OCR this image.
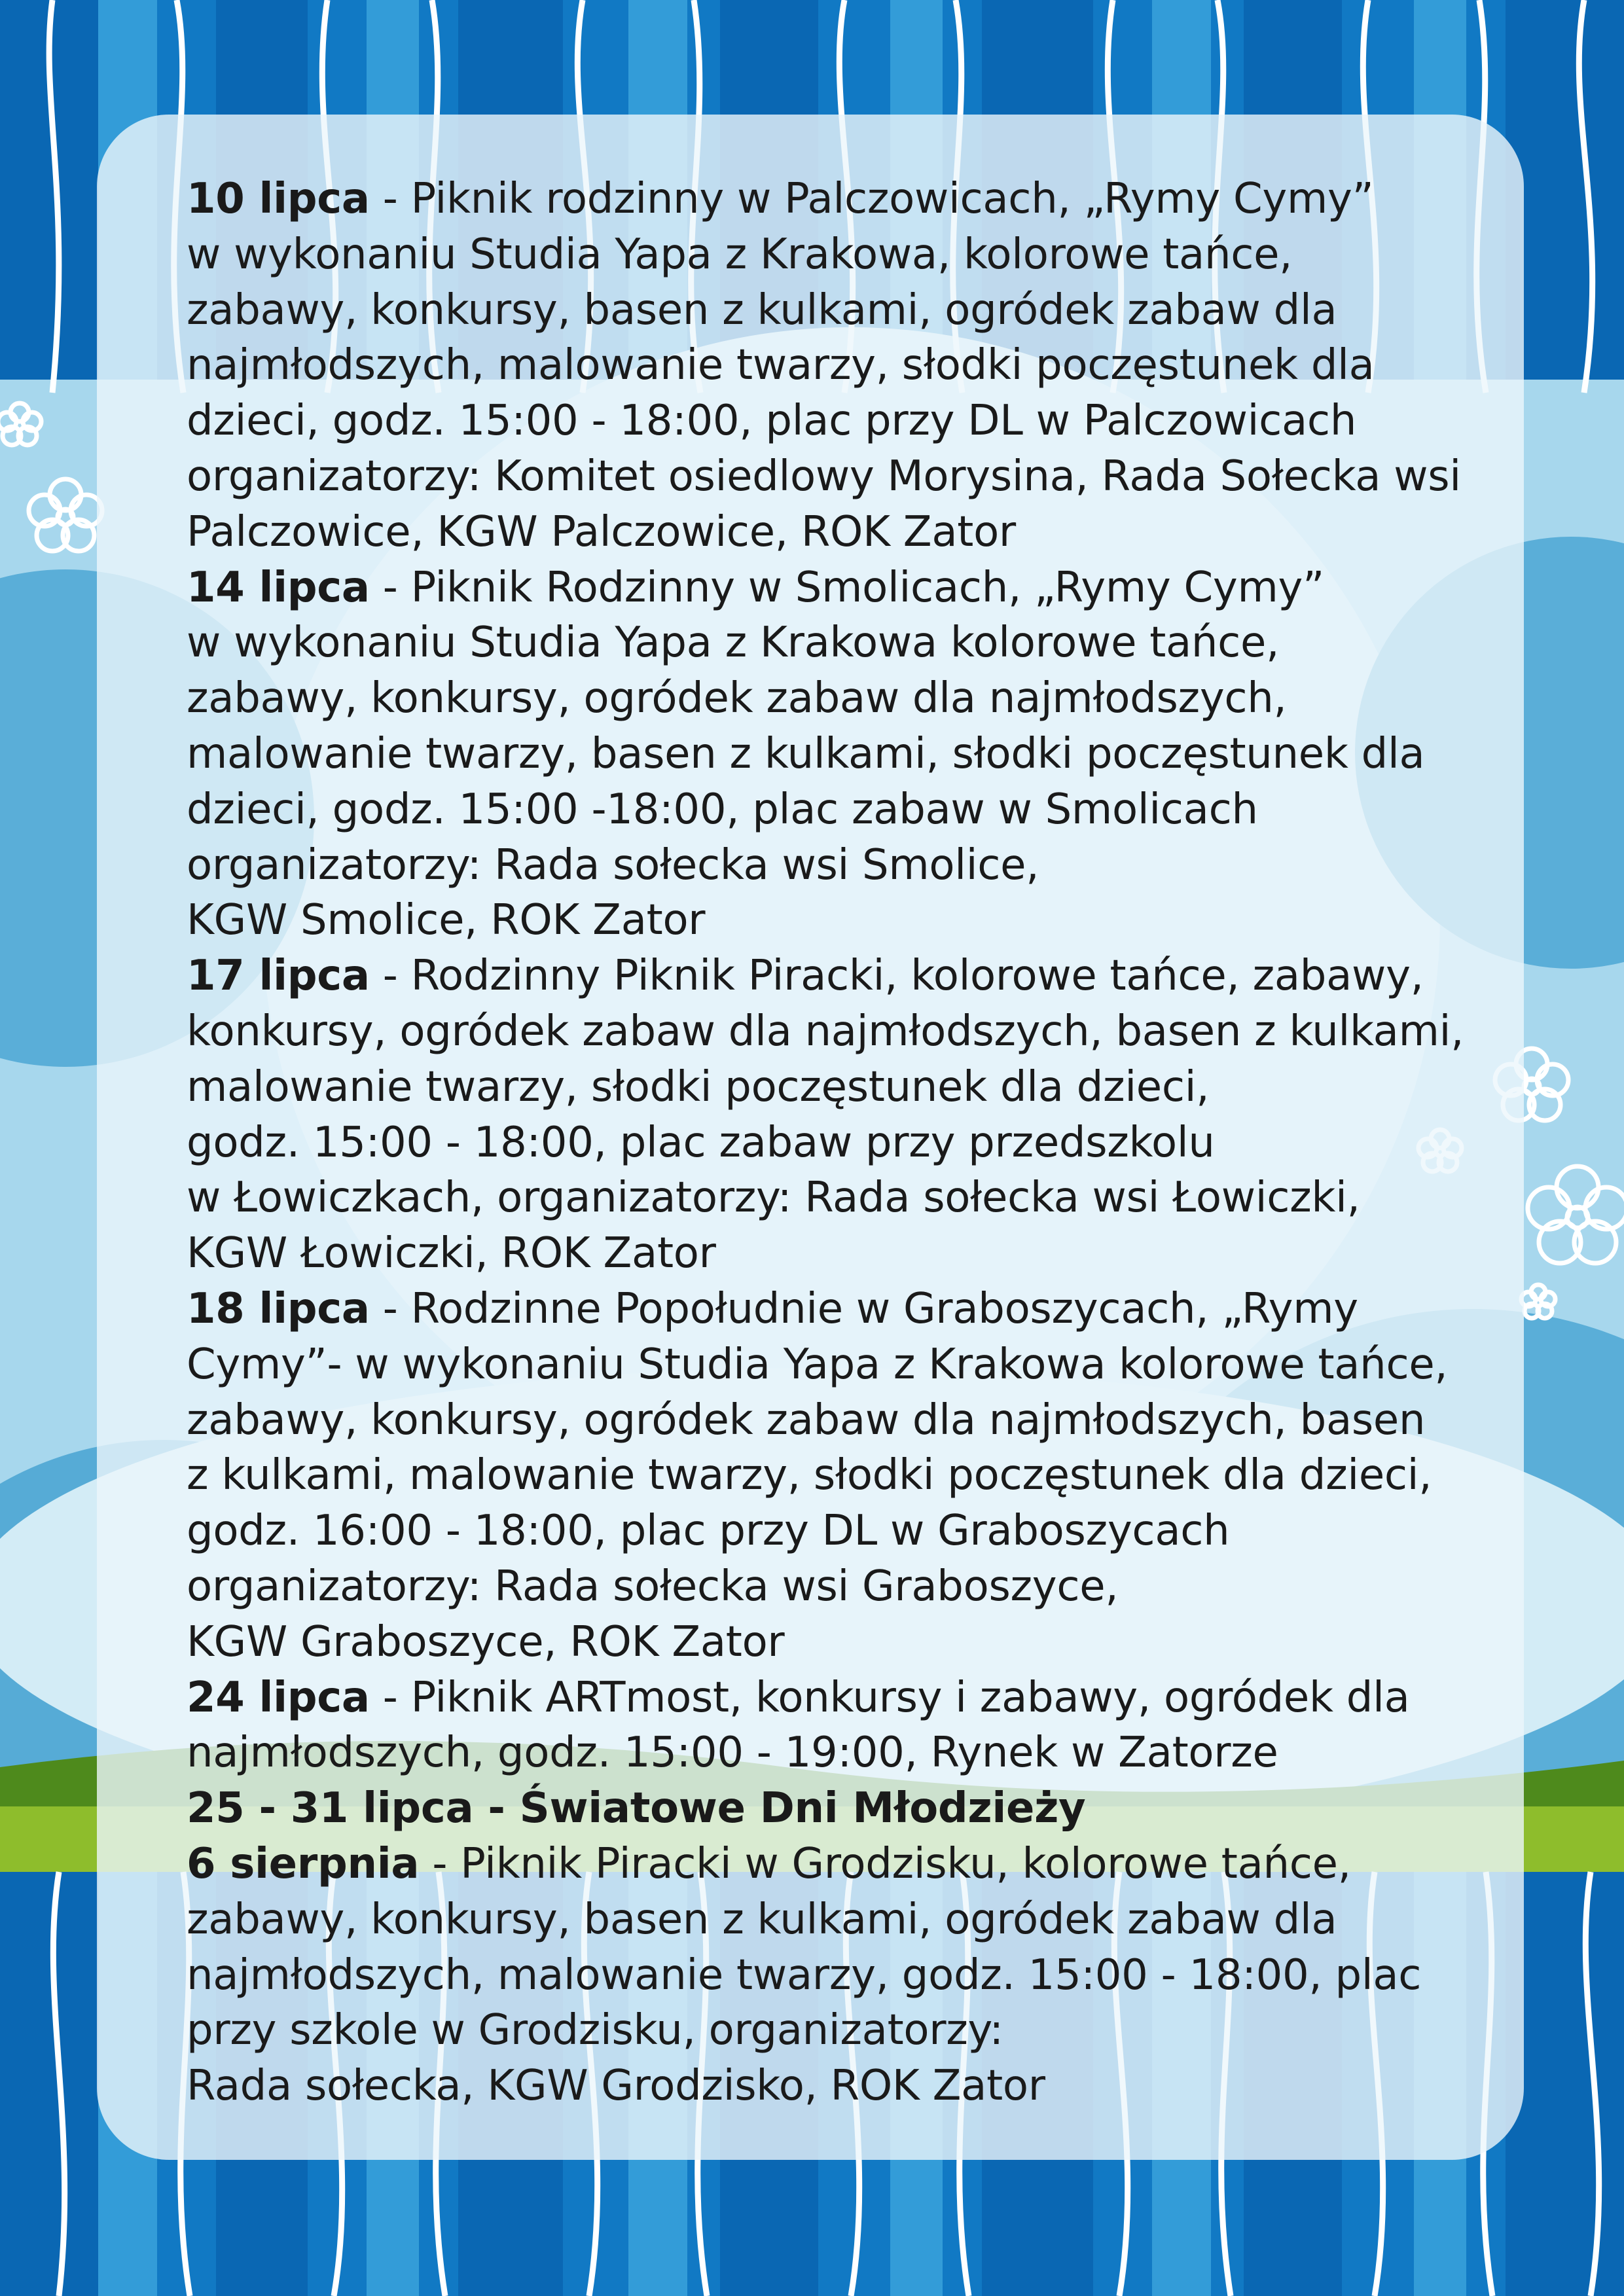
10 lipca - Piknik rodzinny w Palczowicach, „Rymy Cymy”
w wykonaniu Studia Yapa z Krakowa, kolorowe tańce,
zabawy, konkursy, basen z kulkami, ogródek zabaw dla
najmłodszych, malowanie twarzy, słodki poczęstunek dla
dzieci, godz. 15:00 - 18:00, plac przy DL w Palczowicach
organizatorzy: Komitet osiedlowy Morysina, Rada Sołecka wsi
Palczowice, KGW Palczowice, ROK Zator
14 lipca - Piknik Rodzinny w Smolicach, „Rymy Cymy”
w wykonaniu Studia Yapa z Krakowa kolorowe tańce,
zabawy, konkursy, ogródek zabaw dla najmłodszych,
malowanie twarzy, basen z kulkami, słodki poczęstunek dla
dzieci, godz. 15:00 -18:00, plac zabaw w Smolicach
organizatorzy: Rada sołecka wsi Smolice,
KGW Smolice, ROK Zator
17 lipca - Rodzinny Piknik Piracki, kolorowe tańce, zabawy,
konkursy, ogródek zabaw dla najmłodszych, basen z kulkami,
malowanie twarzy, słodki poczęstunek dla dzieci,
godz. 15:00 - 18:00, plac zabaw przy przedszkolu
w Łowiczkach, organizatorzy: Rada sołecka wsi Łowiczki,
KGW Łowiczki, ROK Zator
18 lipca - Rodzinne Popołudnie w Graboszycach, „Rymy
Cymy”- w wykonaniu Studia Yapa z Krakowa kolorowe tańce,
zabawy, konkursy, ogródek zabaw dla najmłodszych, basen
z kulkami, malowanie twarzy, słodki poczęstunek dla dzieci,
godz. 16:00 - 18:00, plac przy DL w Graboszycach
organizatorzy: Rada sołecka wsi Graboszyce,
KGW Graboszyce, ROK Zator
24 lipca - Piknik ARTmost, konkursy i zabawy, ogródek dla
najmłodszych, godz. 15:00 - 19:00, Rynek w Zatorze
25 - 31 lipca - Światowe Dni Młodzieży
6 sierpnia - Piknik Piracki w Grodzisku, kolorowe tańce,
zabawy, konkursy, basen z kulkami, ogródek zabaw dla
najmłodszych, malowanie twarzy, godz. 15:00 - 18:00, plac
przy szkole w Grodzisku, organizatorzy:
Rada sołecka, KGW Grodzisko, ROK Zator
